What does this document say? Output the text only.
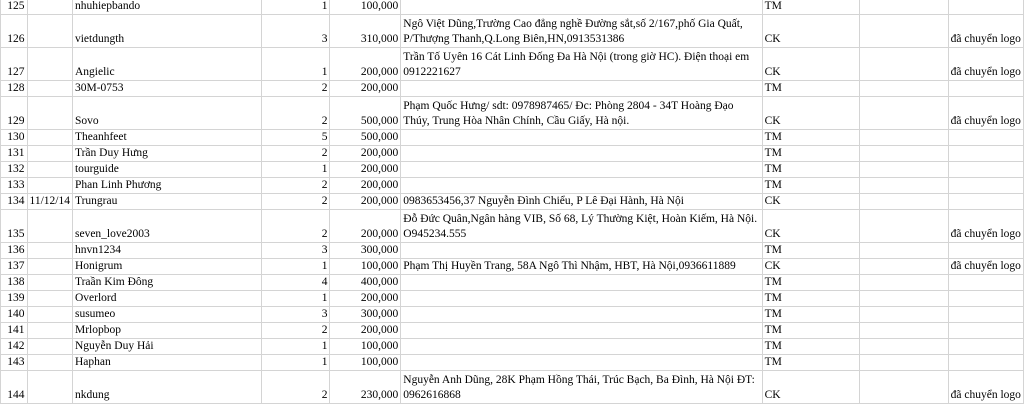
125		nhuhiepbando	1	100,000		TM		
126		vietdungth	3	310,000	Ngô Việt Dũng,Trường Cao đẳng nghề Đường sắt,số 2/167,phố Gia Quất, P/Thượng Thanh,Q.Long Biên,HN,0913531386	CK		đã chuyển logo
127		Angielic	1	200,000	Trần Tố Uyên 16 Cát Linh Đống Đa Hà Nội (trong giờ HC). Điện thoại em 0912221627	CK		đã chuyển logo
128		30M-0753	2	200,000		TM		
129		Sovo	2	500,000	Phạm Quốc Hưng/ sdt: 0978987465/ Đc: Phòng 2804 - 34T Hoàng Đạo Thúy, Trung Hòa Nhân Chính, Cầu Giấy, Hà nội.	CK		đã chuyển logo
130		Theanhfeet	5	500,000		TM		
131		Trần Duy Hưng	2	200,000		TM		
132		tourguide	1	200,000		TM		
133		Phan Linh Phương	2	200,000		TM		
134	11/12/14	Trungrau	2	200,000	0983653456,37 Nguyễn Đình Chiểu, P Lê Đại Hành, Hà Nội	CK		
135		seven_love2003	2	200,000	Đỗ Đức Quân,Ngân hàng VIB, Số 68, Lý Thường Kiệt, Hoàn Kiếm, Hà Nội. O945234.555	CK		đã chuyển logo
136		hnvn1234	3	300,000		TM		
137		Honigrum	1	100,000	Phạm Thị Huyền Trang, 58A Ngô Thì Nhậm, HBT, Hà Nội,0936611889	CK		đã chuyển logo
138		Traần Kim Đông	4	400,000		TM		
139		Overlord	1	200,000		TM		
140		susumeo	3	300,000		TM		
141		Mrlopbop	2	200,000		TM		
142		Nguyễn Duy Hải	1	100,000		TM		
143		Haphan	1	100,000		TM		
144		nkdung	2	230,000	Nguyễn Anh Dũng, 28K Phạm Hồng Thái, Trúc Bạch, Ba Đình, Hà Nội ĐT: 0962616868	CK		đã chuyển logo
